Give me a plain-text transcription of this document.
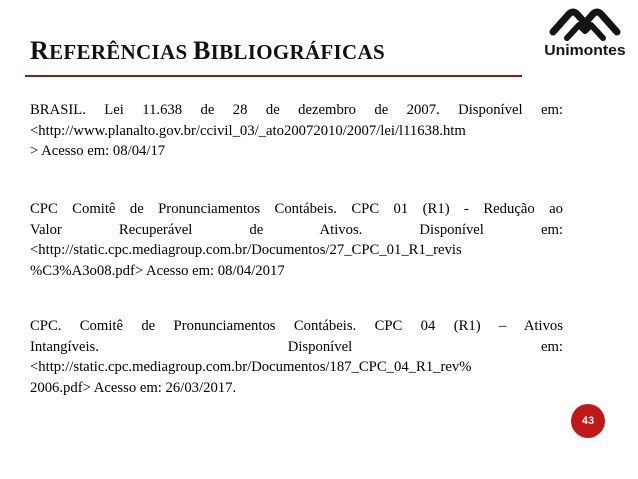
REFERÊNCIAS BIBLIOGRÁFICAS	Unimontes
BRASIL. Lei 11.638 de 28 de dezembro de 2007. Disponível em:
<http://www.planalto.gov.br/ccivil_03/_ato20072010/2007/lei/l11638.htm
> Acesso em: 08/04/17
CPC Comitê de Pronunciamentos Contábeis. CPC 01 (R1) - Redução ao
Valor Recuperável de Ativos. Disponível em:
<http://static.cpc.mediagroup.com.br/Documentos/27_CPC_01_R1_revis
%C3%A3o08.pdf> Acesso em: 08/04/2017
CPC. Comitê de Pronunciamentos Contábeis. CPC 04 (R1) – Ativos
Intangíveis. Disponível em:
<http://static.cpc.mediagroup.com.br/Documentos/187_CPC_04_R1_rev%
2006.pdf> Acesso em: 26/03/2017.
43
